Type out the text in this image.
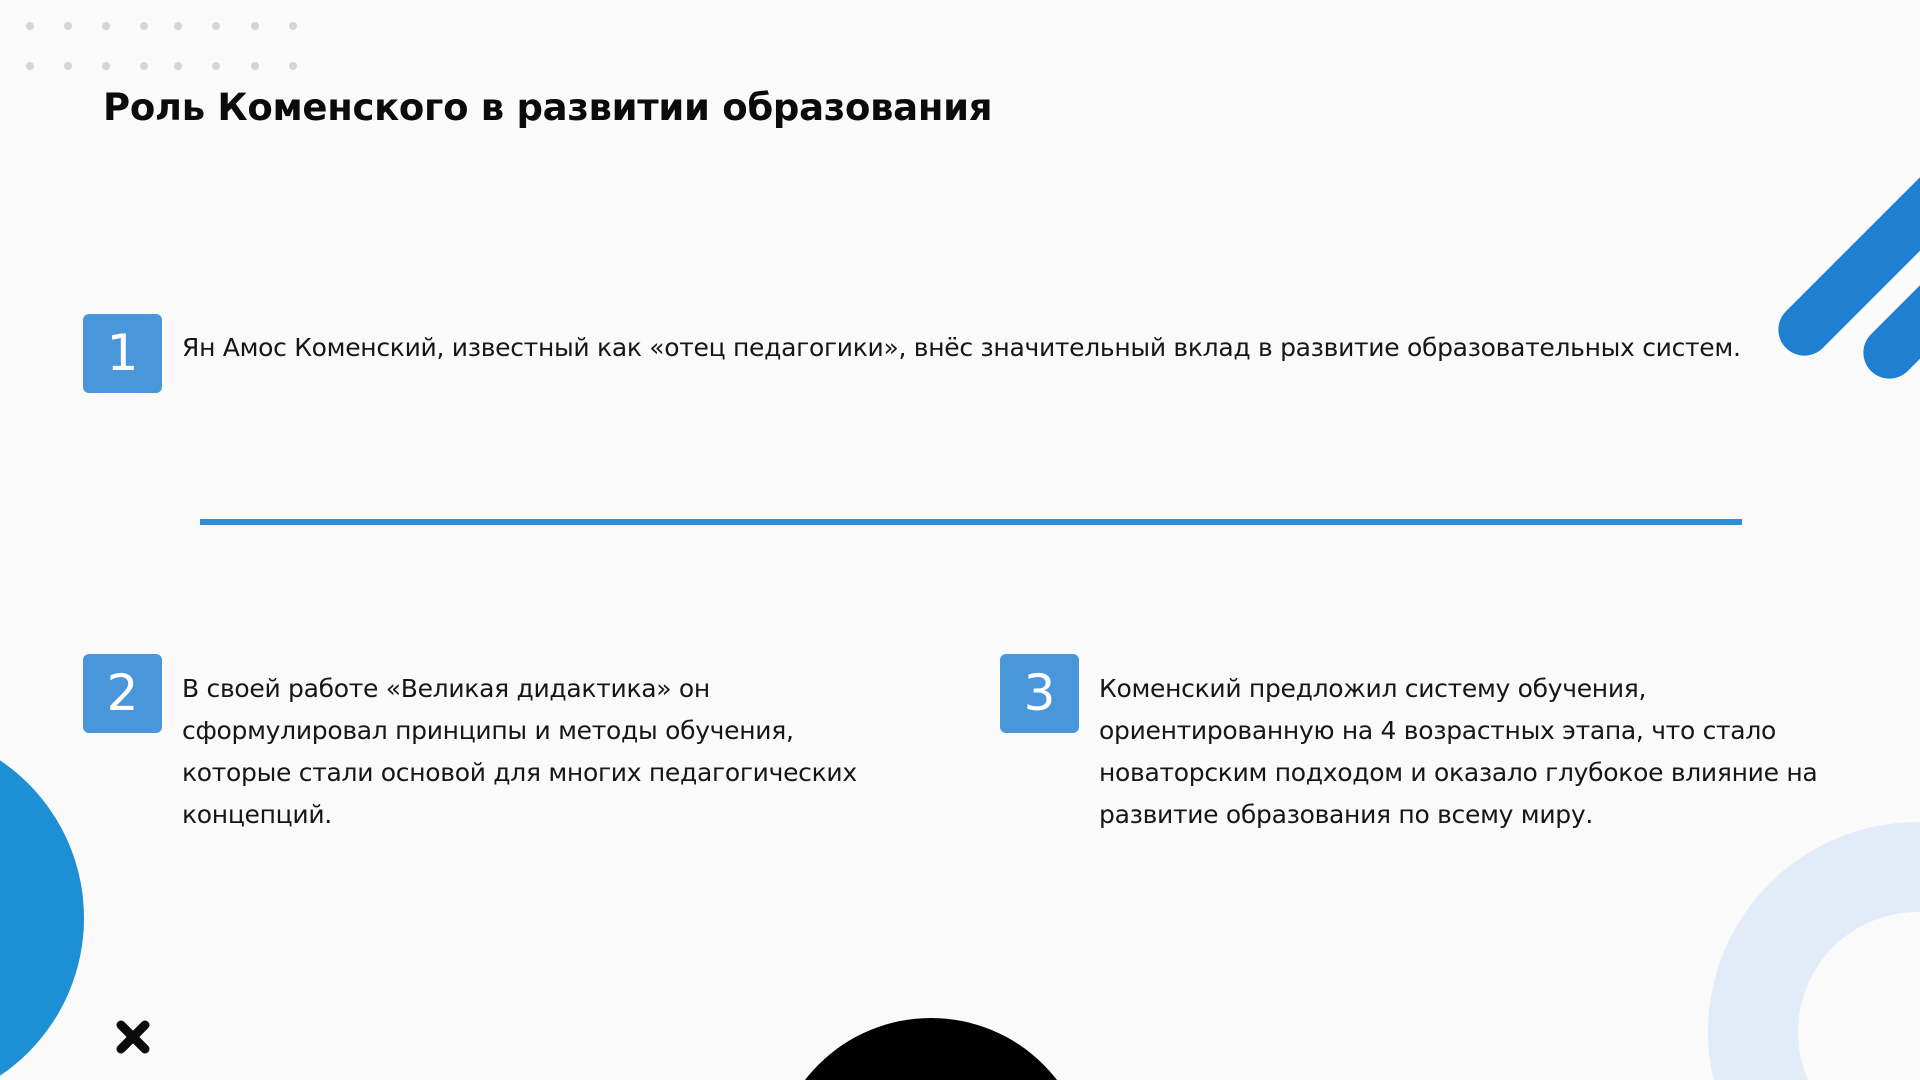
Роль Коменского в развитии образования
1	Ян Амос Коменский, известный как «отец педагогики», внёс значительный вклад в развитие образовательных систем.

2	В своей работе «Великая дидактика» он
сформулировал принципы и методы обучения,
которые стали основой для многих педагогических
концепций.

3	Коменский предложил систему обучения,
ориентированную на 4 возрастных этапа, что стало
новаторским подходом и оказало глубокое влияние на
развитие образования по всему миру.
